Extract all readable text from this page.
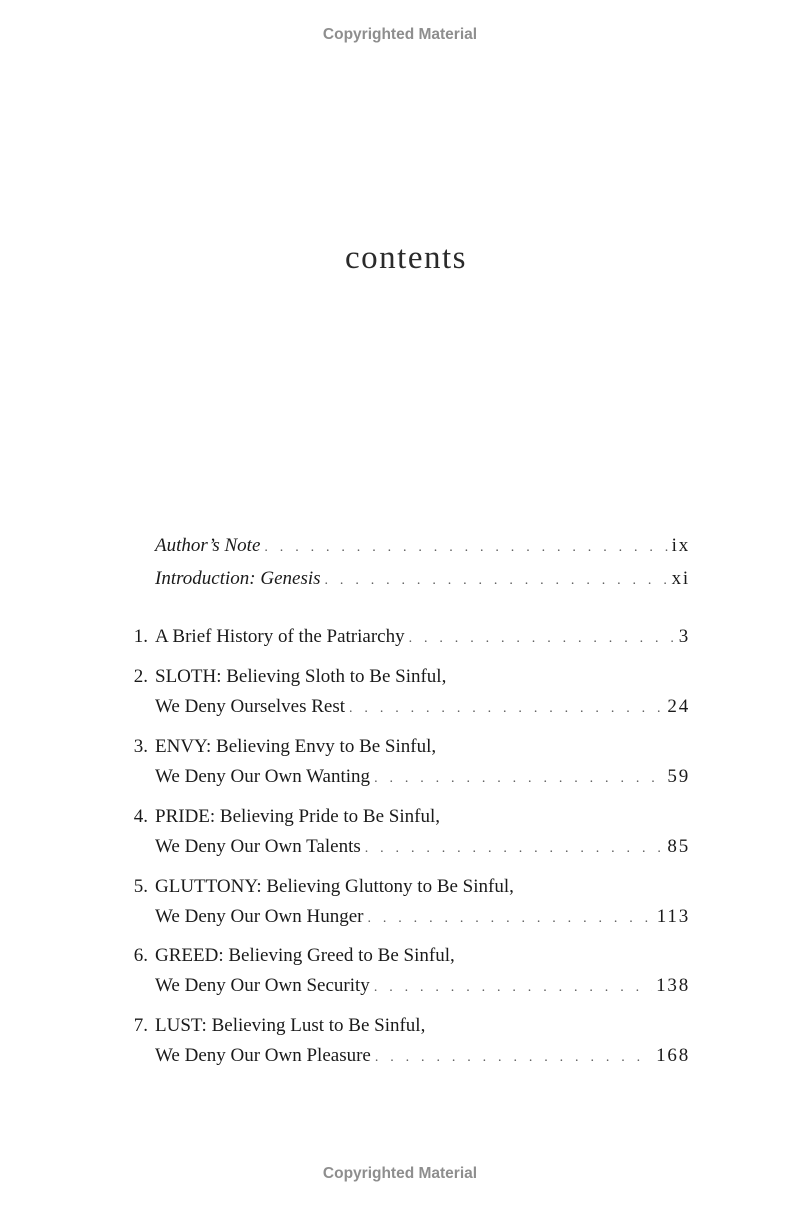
Copyrighted Material
contents
Author’s Note . . .	ix
Introduction: Genesis . . .	xi
1. A Brief History of the Patriarchy . . .	3
2. SLOTH: Believing Sloth to Be Sinful,
We Deny Ourselves Rest . . .	24
3. ENVY: Believing Envy to Be Sinful,
We Deny Our Own Wanting . . .	59
4. PRIDE: Believing Pride to Be Sinful,
We Deny Our Own Talents . . .	85
5. GLUTTONY: Believing Gluttony to Be Sinful,
We Deny Our Own Hunger . . .	113
6. GREED: Believing Greed to Be Sinful,
We Deny Our Own Security . . .	138
7. LUST: Believing Lust to Be Sinful,
We Deny Our Own Pleasure . . .	168
Copyrighted Material
